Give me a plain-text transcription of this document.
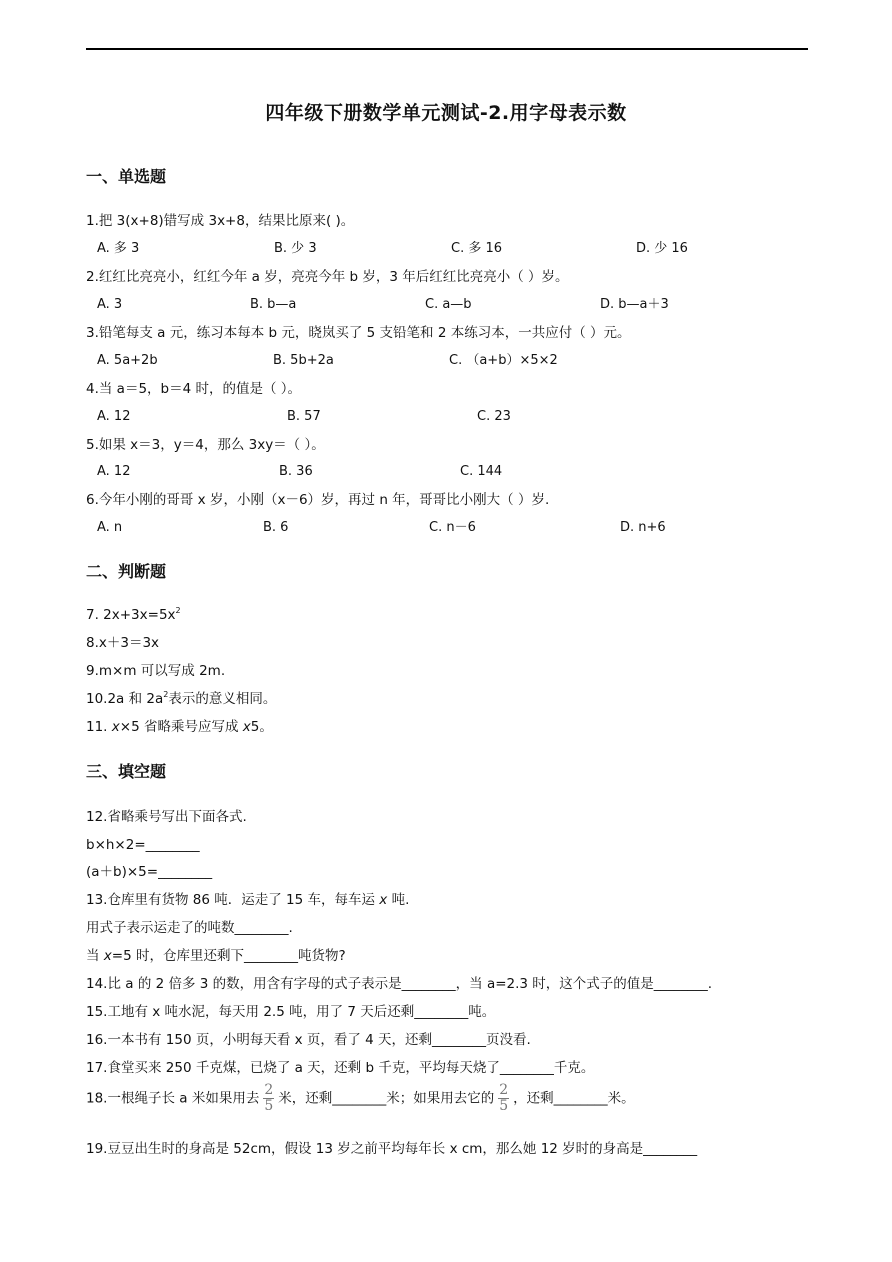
四年级下册数学单元测试-2.用字母表示数
一、单选题
1.把 3(x+8)错写成 3x+8，结果比原来( )。
A. 多 3	B. 少 3	C. 多 16	D. 少 16
2.红红比亮亮小，红红今年 a 岁，亮亮今年 b 岁，3 年后红红比亮亮小（ ）岁。
A. 3	B. b—a	C. a—b	D. b—a＋3
3.铅笔每支 a 元，练习本每本 b 元，晓岚买了 5 支铅笔和 2 本练习本，一共应付（ ）元。
A. 5a+2b	B. 5b+2a	C. （a+b）×5×2
4.当 a＝5，b＝4 时，的值是（ ）。
A. 12	B. 57	C. 23
5.如果 x＝3，y＝4，那么 3xy＝（ ）。
A. 12	B. 36	C. 144
6.今年小刚的哥哥 x 岁，小刚（x－6）岁，再过 n 年，哥哥比小刚大（ ）岁.
A. n	B. 6	C. n－6	D. n+6
二、判断题
7. $2x+3x=5x^2$
8.x＋3＝3x
9.m×m 可以写成 2m.
10.2a 和 $2a^2$表示的意义相同。
11. x×5 省略乘号应写成 x5。
三、填空题
12.省略乘号写出下面各式.
b×h×2=________
(a＋b)×5=________
13.仓库里有货物 86 吨．运走了 15 车，每车运 x 吨.
用式子表示运走了的吨数________.
当 x=5 时，仓库里还剩下________吨货物?
14.比 a 的 2 倍多 3 的数，用含有字母的式子表示是________，当 a=2.3 时，这个式子的值是________.
15.工地有 x 吨水泥，每天用 2.5 吨，用了 7 天后还剩________吨。
16.一本书有 150 页，小明每天看 x 页，看了 4 天，还剩________页没看.
17.食堂买来 250 千克煤，已烧了 a 天，还剩 b 千克，平均每天烧了________千克。
18.一根绳子长 a 米如果用去 $\frac{2}{5}$ 米，还剩________米；如果用去它的 $\frac{2}{5}$ ，还剩________米。
19.豆豆出生时的身高是 52cm，假设 13 岁之前平均每年长 x cm，那么她 12 岁时的身高是________
